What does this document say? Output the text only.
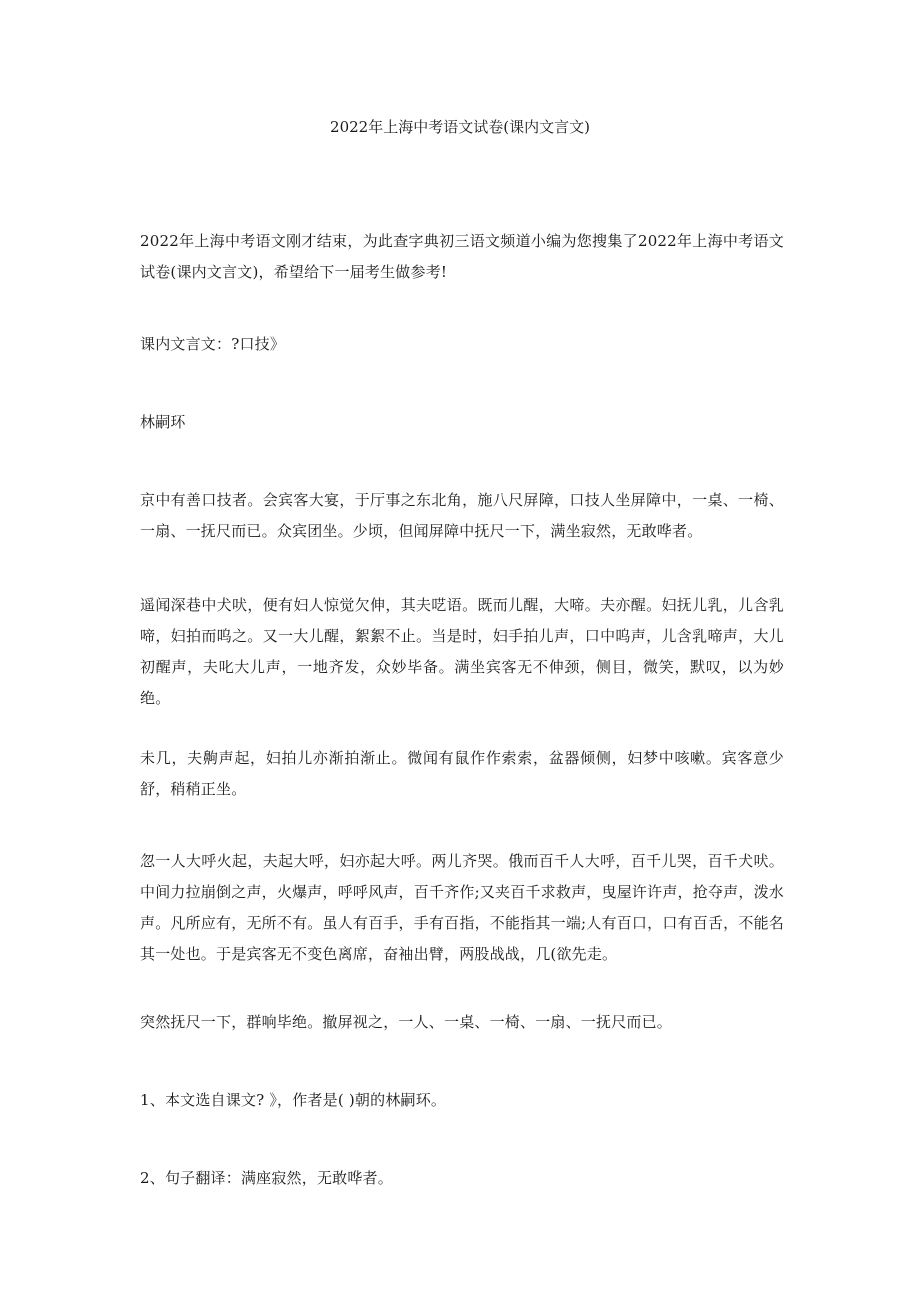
2022年上海中考语文试卷(课内文言文)
2022年上海中考语文刚才结束，为此查字典初三语文频道小编为您搜集了2022年上海中考语文试卷(课内文言文)，希望给下一届考生做参考!
课内文言文：?口技》
林嗣环
京中有善口技者。会宾客大宴，于厅事之东北角，施八尺屏障，口技人坐屏障中，一桌、一椅、一扇、一抚尺而已。众宾团坐。少顷，但闻屏障中抚尺一下，满坐寂然，无敢哗者。
遥闻深巷中犬吠，便有妇人惊觉欠伸，其夫呓语。既而儿醒，大啼。夫亦醒。妇抚儿乳，儿含乳啼，妇拍而呜之。又一大儿醒，絮絮不止。当是时，妇手拍儿声，口中呜声，儿含乳啼声，大儿初醒声，夫叱大儿声，一地齐发，众妙毕备。满坐宾客无不伸颈，侧目，微笑，默叹，以为妙绝。
未几，夫齁声起，妇拍儿亦渐拍渐止。微闻有鼠作作索索，盆器倾侧，妇梦中咳嗽。宾客意少舒，稍稍正坐。
忽一人大呼火起，夫起大呼，妇亦起大呼。两儿齐哭。俄而百千人大呼，百千儿哭，百千犬吠。中间力拉崩倒之声，火爆声，呼呼风声，百千齐作;又夹百千求救声，曳屋许许声，抢夺声，泼水声。凡所应有，无所不有。虽人有百手，手有百指，不能指其一端;人有百口，口有百舌，不能名其一处也。于是宾客无不变色离席，奋袖出臂，两股战战，几(欲先走。
突然抚尺一下，群响毕绝。撤屏视之，一人、一桌、一椅、一扇、一抚尺而已。
1、本文选自课文? 》，作者是( )朝的林嗣环。
2、句子翻译：满座寂然，无敢哗者。
